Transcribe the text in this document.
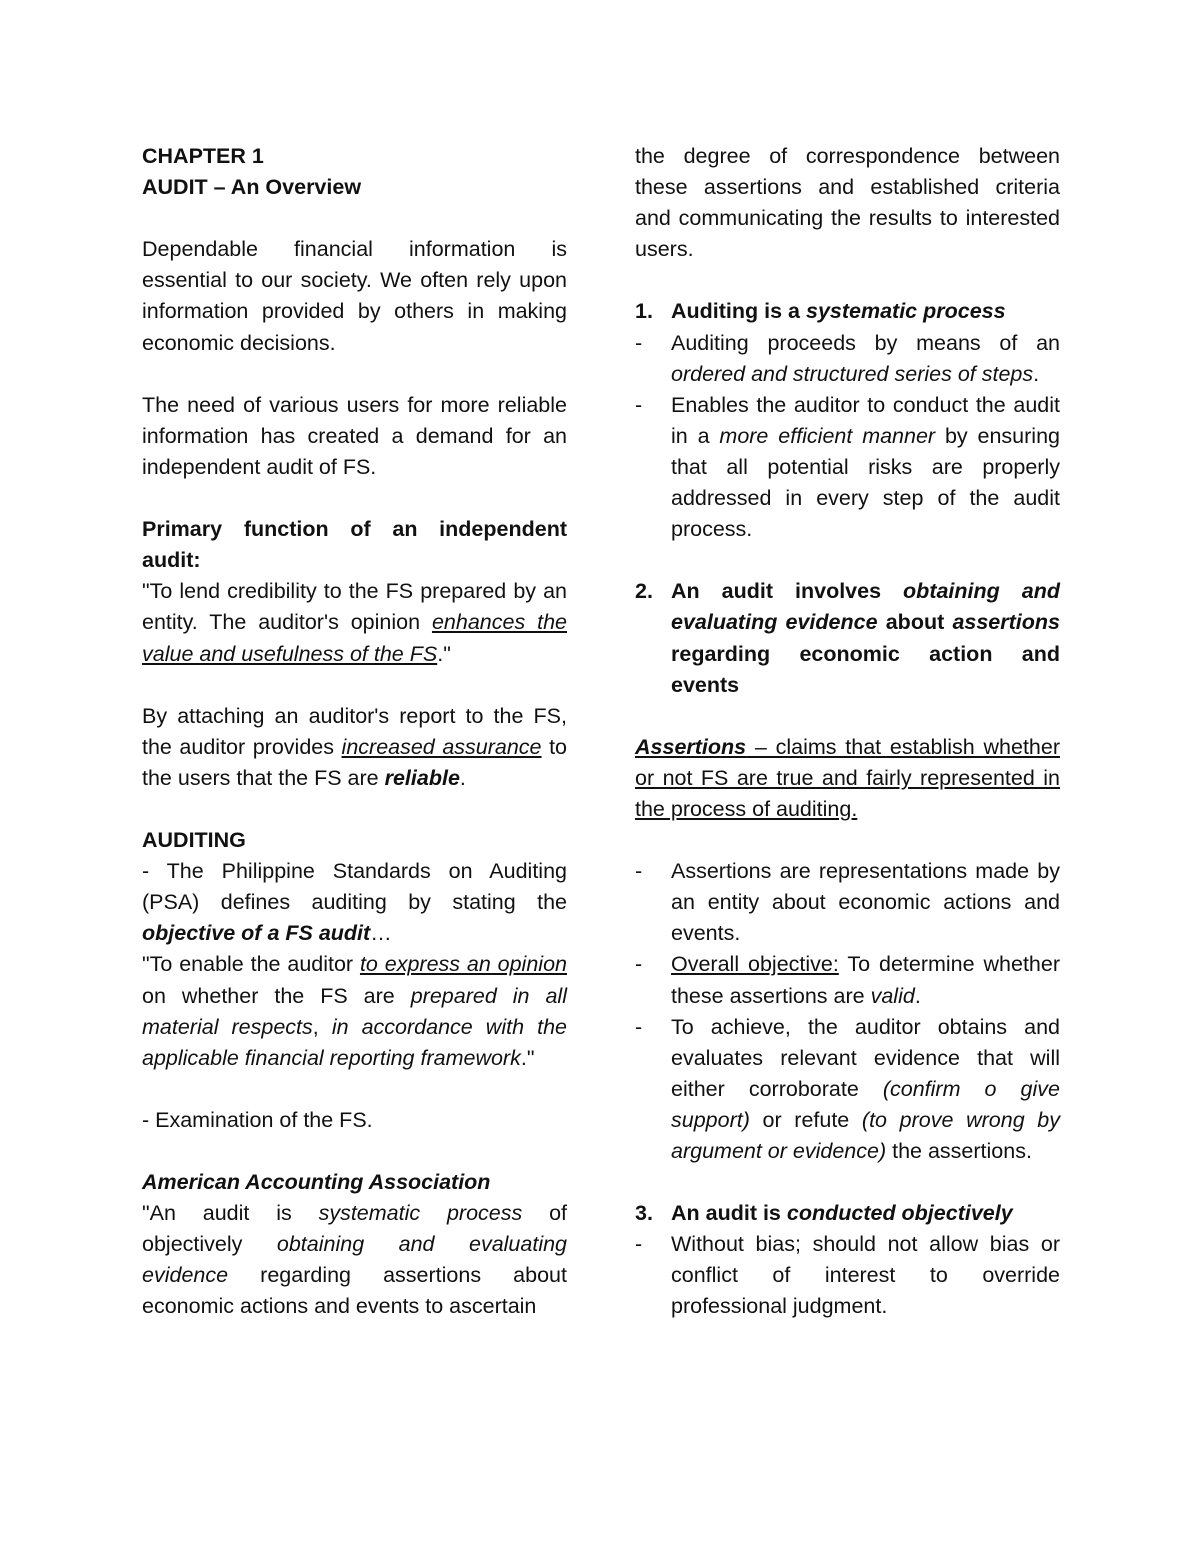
CHAPTER 1

AUDIT – An Overview

Dependable financial information is essential to our society. We often rely upon information provided by others in making economic decisions.

The need of various users for more reliable information has created a demand for an independent audit of FS.

Primary function of an independent audit:

"To lend credibility to the FS prepared by an entity. The auditor's opinion enhances the value and usefulness of the FS."

By attaching an auditor's report to the FS, the auditor provides increased assurance to the users that the FS are reliable.

AUDITING

- The Philippine Standards on Auditing (PSA) defines auditing by stating the objective of a FS audit…

"To enable the auditor to express an opinion on whether the FS are prepared in all material respects, in accordance with the applicable financial reporting framework."

- Examination of the FS.

American Accounting Association

"An audit is systematic process of objectively obtaining and evaluating evidence regarding assertions about economic actions and events to ascertain

the degree of correspondence between these assertions and established criteria and communicating the results to interested users.

1. Auditing is a systematic process
-	Auditing proceeds by means of an ordered and structured series of steps.
-	Enables the auditor to conduct the audit in a more efficient manner by ensuring that all potential risks are properly addressed in every step of the audit process.
2. An audit involves obtaining and evaluating evidence about assertions regarding economic action and events

Assertions – claims that establish whether or not FS are true and fairly represented in the process of auditing.

-	Assertions are representations made by an entity about economic actions and events.
-	Overall objective: To determine whether these assertions are valid.
-	To achieve, the auditor obtains and evaluates relevant evidence that will either corroborate (confirm o give support) or refute (to prove wrong by argument or evidence) the assertions.
3. An audit is conducted objectively
-	Without bias; should not allow bias or conflict of interest to override professional judgment.
